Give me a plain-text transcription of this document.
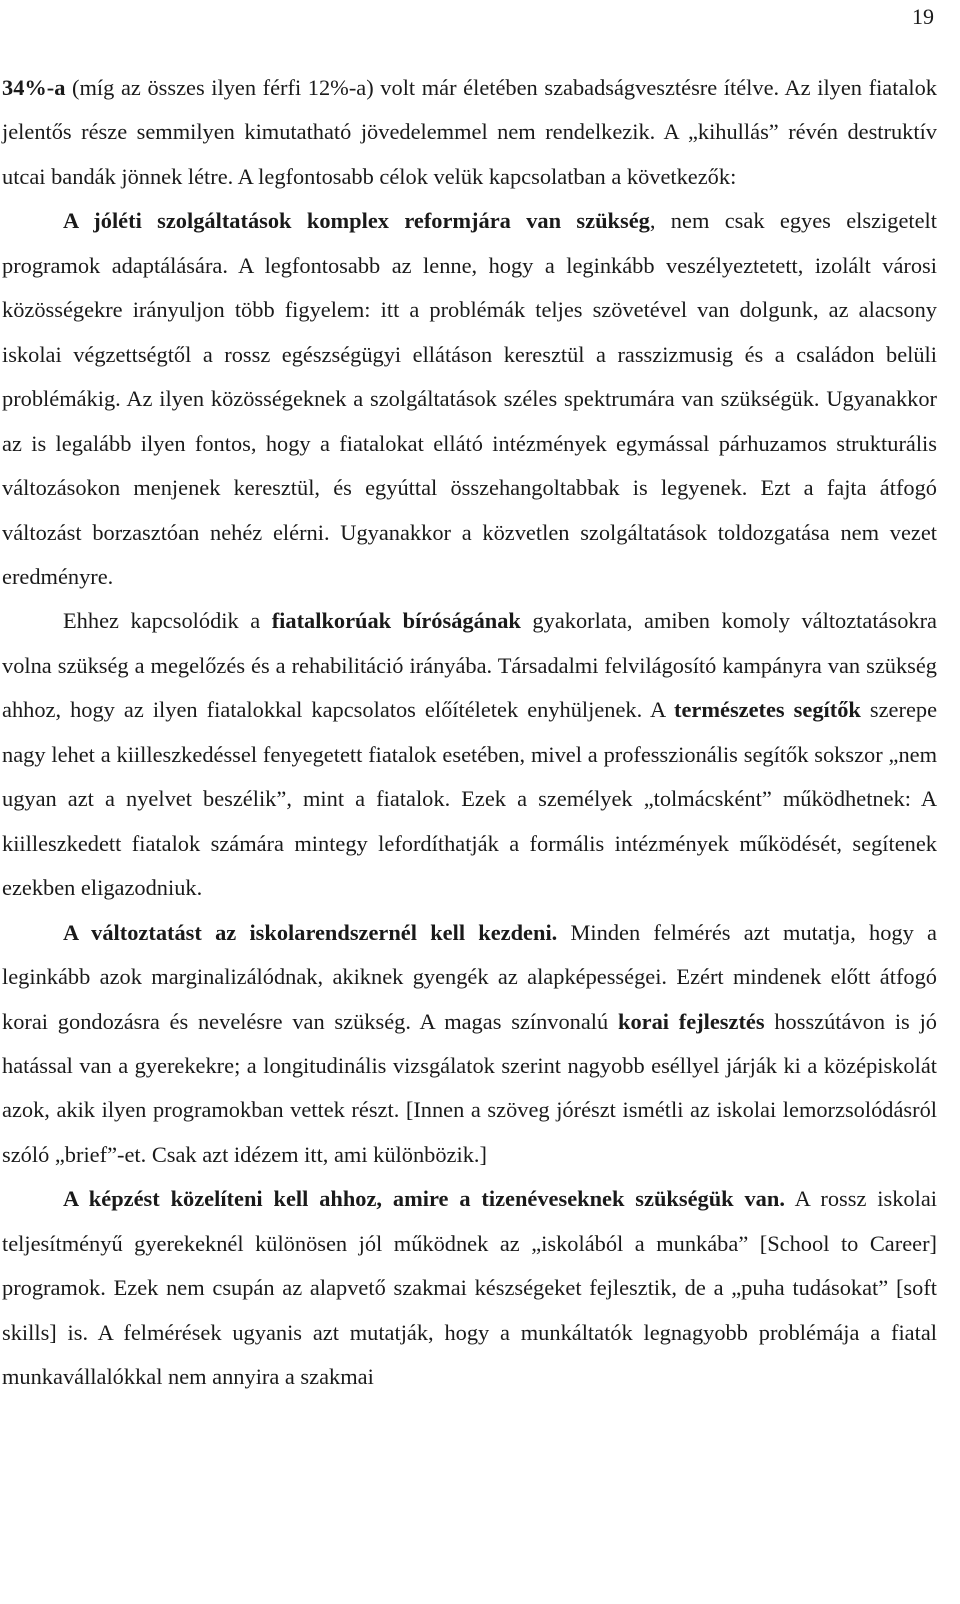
19

34%-a (míg az összes ilyen férfi 12%-a) volt már életében szabadságvesztésre ítélve. Az ilyen fiatalok jelentős része semmilyen kimutatható jövedelemmel nem rendelkezik. A „kihullás” révén destruktív utcai bandák jönnek létre. A legfontosabb célok velük kapcsolatban a következők:

A jóléti szolgáltatások komplex reformjára van szükség, nem csak egyes elszigetelt programok adaptálására. A legfontosabb az lenne, hogy a leginkább veszélyeztetett, izolált városi közösségekre irányuljon több figyelem: itt a problémák teljes szövetével van dolgunk, az alacsony iskolai végzettségtől a rossz egészségügyi ellátáson keresztül a rasszizmusig és a családon belüli problémákig. Az ilyen közösségeknek a szolgáltatások széles spektrumára van szükségük. Ugyanakkor az is legalább ilyen fontos, hogy a fiatalokat ellátó intézmények egymással párhuzamos strukturális változásokon menjenek keresztül, és egyúttal összehangoltabbak is legyenek. Ezt a fajta átfogó változást borzasztóan nehéz elérni. Ugyanakkor a közvetlen szolgáltatások toldozgatása nem vezet eredményre.

Ehhez kapcsolódik a fiatalkorúak bíróságának gyakorlata, amiben komoly változtatásokra volna szükség a megelőzés és a rehabilitáció irányába. Társadalmi felvilágosító kampányra van szükség ahhoz, hogy az ilyen fiatalokkal kapcsolatos előítéletek enyhüljenek. A természetes segítők szerepe nagy lehet a kiilleszkedéssel fenyegetett fiatalok esetében, mivel a professzionális segítők sokszor „nem ugyan azt a nyelvet beszélik”, mint a fiatalok. Ezek a személyek „tolmácsként” működhetnek: A kiilleszkedett fiatalok számára mintegy lefordíthatják a formális intézmények működését, segítenek ezekben eligazodniuk.

A változtatást az iskolarendszernél kell kezdeni. Minden felmérés azt mutatja, hogy a leginkább azok marginalizálódnak, akiknek gyengék az alapképességei. Ezért mindenek előtt átfogó korai gondozásra és nevelésre van szükség. A magas színvonalú korai fejlesztés hosszútávon is jó hatással van a gyerekekre; a longitudinális vizsgálatok szerint nagyobb eséllyel járják ki a középiskolát azok, akik ilyen programokban vettek részt. [Innen a szöveg jórészt ismétli az iskolai lemorzsolódásról szóló „brief”-et. Csak azt idézem itt, ami különbözik.]

A képzést közelíteni kell ahhoz, amire a tizenéveseknek szükségük van. A rossz iskolai teljesítményű gyerekeknél különösen jól működnek az „iskolából a munkába” [School to Career] programok. Ezek nem csupán az alapvető szakmai készségeket fejlesztik, de a „puha tudásokat” [soft skills] is. A felmérések ugyanis azt mutatják, hogy a munkáltatók legnagyobb problémája a fiatal munkavállalókkal nem annyira a szakmai
